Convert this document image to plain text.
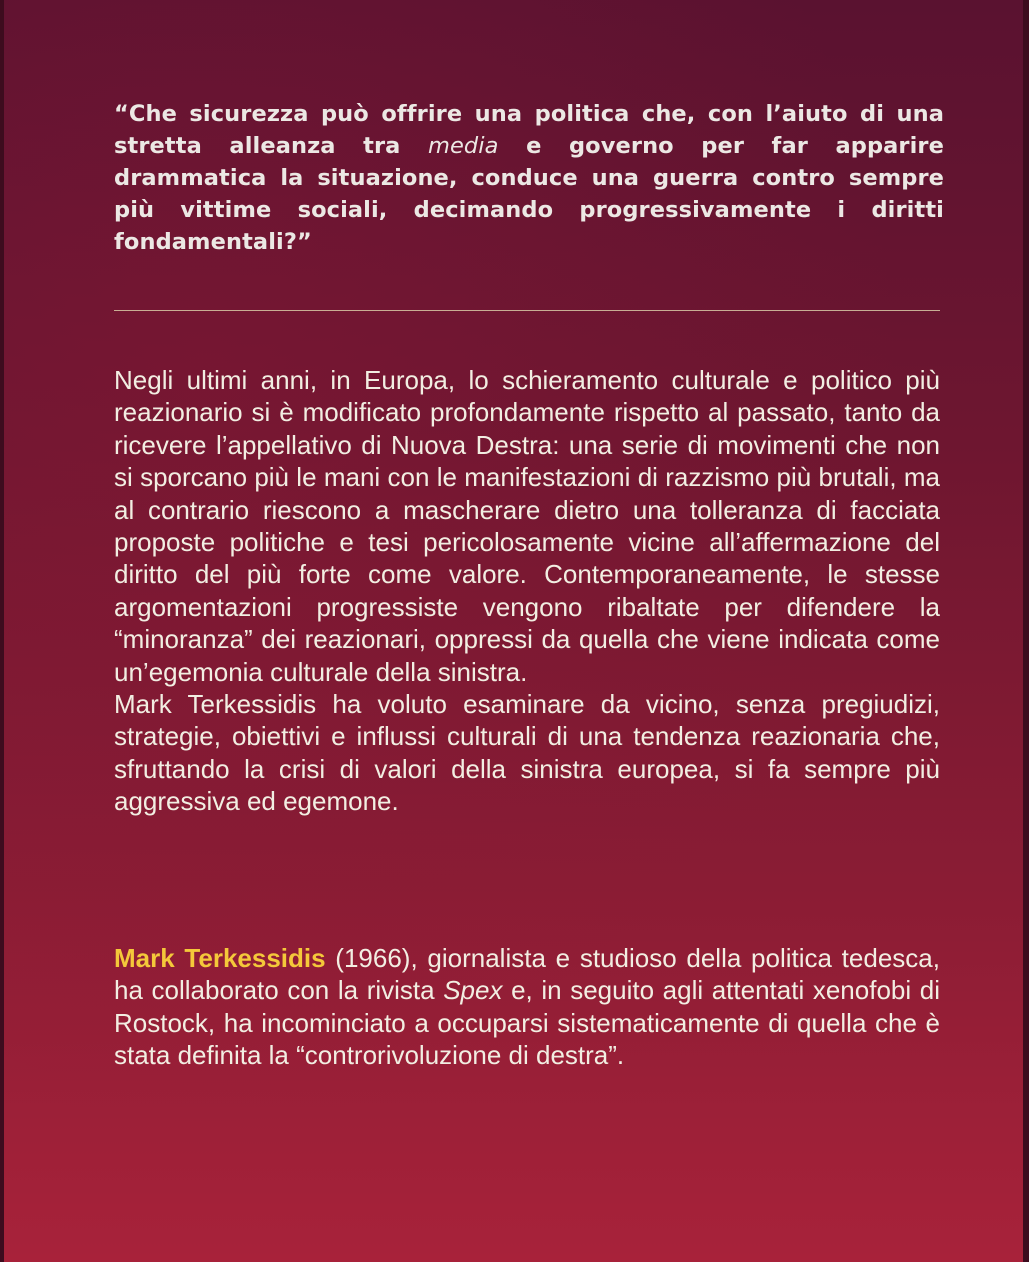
“Che sicurezza può offrire una politica che, con l’aiuto di una stretta alleanza tra media e governo per far apparire drammatica la situazione, conduce una guerra contro sempre più vittime sociali, decimando progressivamente i diritti fondamentali?”

Negli ultimi anni, in Europa, lo schieramento culturale e politico più reazionario si è modificato profondamente rispetto al passato, tanto da ricevere l’appellativo di Nuova Destra: una serie di movimenti che non si sporcano più le mani con le manifestazioni di razzismo più brutali, ma al contrario riescono a mascherare dietro una tolleranza di facciata proposte politiche e tesi pericolosamente vicine all’affermazione del diritto del più forte come valore. Contemporaneamente, le stesse argomentazioni progressiste vengono ribaltate per difendere la “minoranza” dei reazionari, oppressi da quella che viene indicata come un’egemonia culturale della sinistra.
Mark Terkessidis ha voluto esaminare da vicino, senza pregiudizi, strategie, obiettivi e influssi culturali di una tendenza reazionaria che, sfruttando la crisi di valori della sinistra europea, si fa sempre più aggressiva ed egemone.

Mark Terkessidis (1966), giornalista e studioso della politica tedesca, ha collaborato con la rivista Spex e, in seguito agli attentati xenofobi di Rostock, ha incominciato a occuparsi sistematicamente di quella che è stata definita la “controrivoluzione di destra”.
